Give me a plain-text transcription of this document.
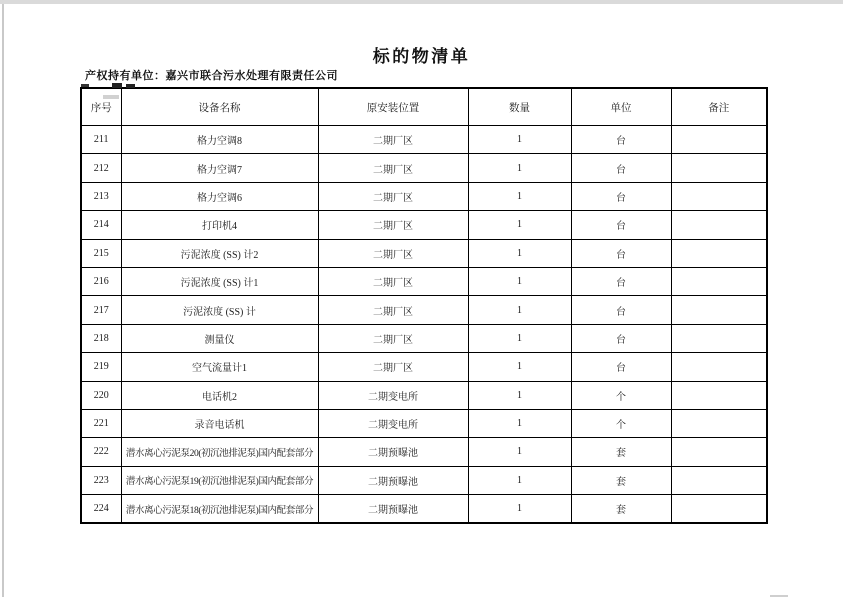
标的物清单
产权持有单位：嘉兴市联合污水处理有限责任公司
序号	设备名称	原安装位置	数量	单位	备注
211	格力空调8	二期厂区	1	台	
212	格力空调7	二期厂区	1	台	
213	格力空调6	二期厂区	1	台	
214	打印机4	二期厂区	1	台	
215	污泥浓度 (SS) 计2	二期厂区	1	台	
216	污泥浓度 (SS) 计1	二期厂区	1	台	
217	污泥浓度 (SS) 计	二期厂区	1	台	
218	测量仪	二期厂区	1	台	
219	空气流量计1	二期厂区	1	台	
220	电话机2	二期变电所	1	个	
221	录音电话机	二期变电所	1	个	
222	潜水离心污泥泵20(初沉池排泥泵)国内配套部分	二期预曝池	1	套	
223	潜水离心污泥泵19(初沉池排泥泵)国内配套部分	二期预曝池	1	套	
224	潜水离心污泥泵18(初沉池排泥泵)国内配套部分	二期预曝池	1	套	
